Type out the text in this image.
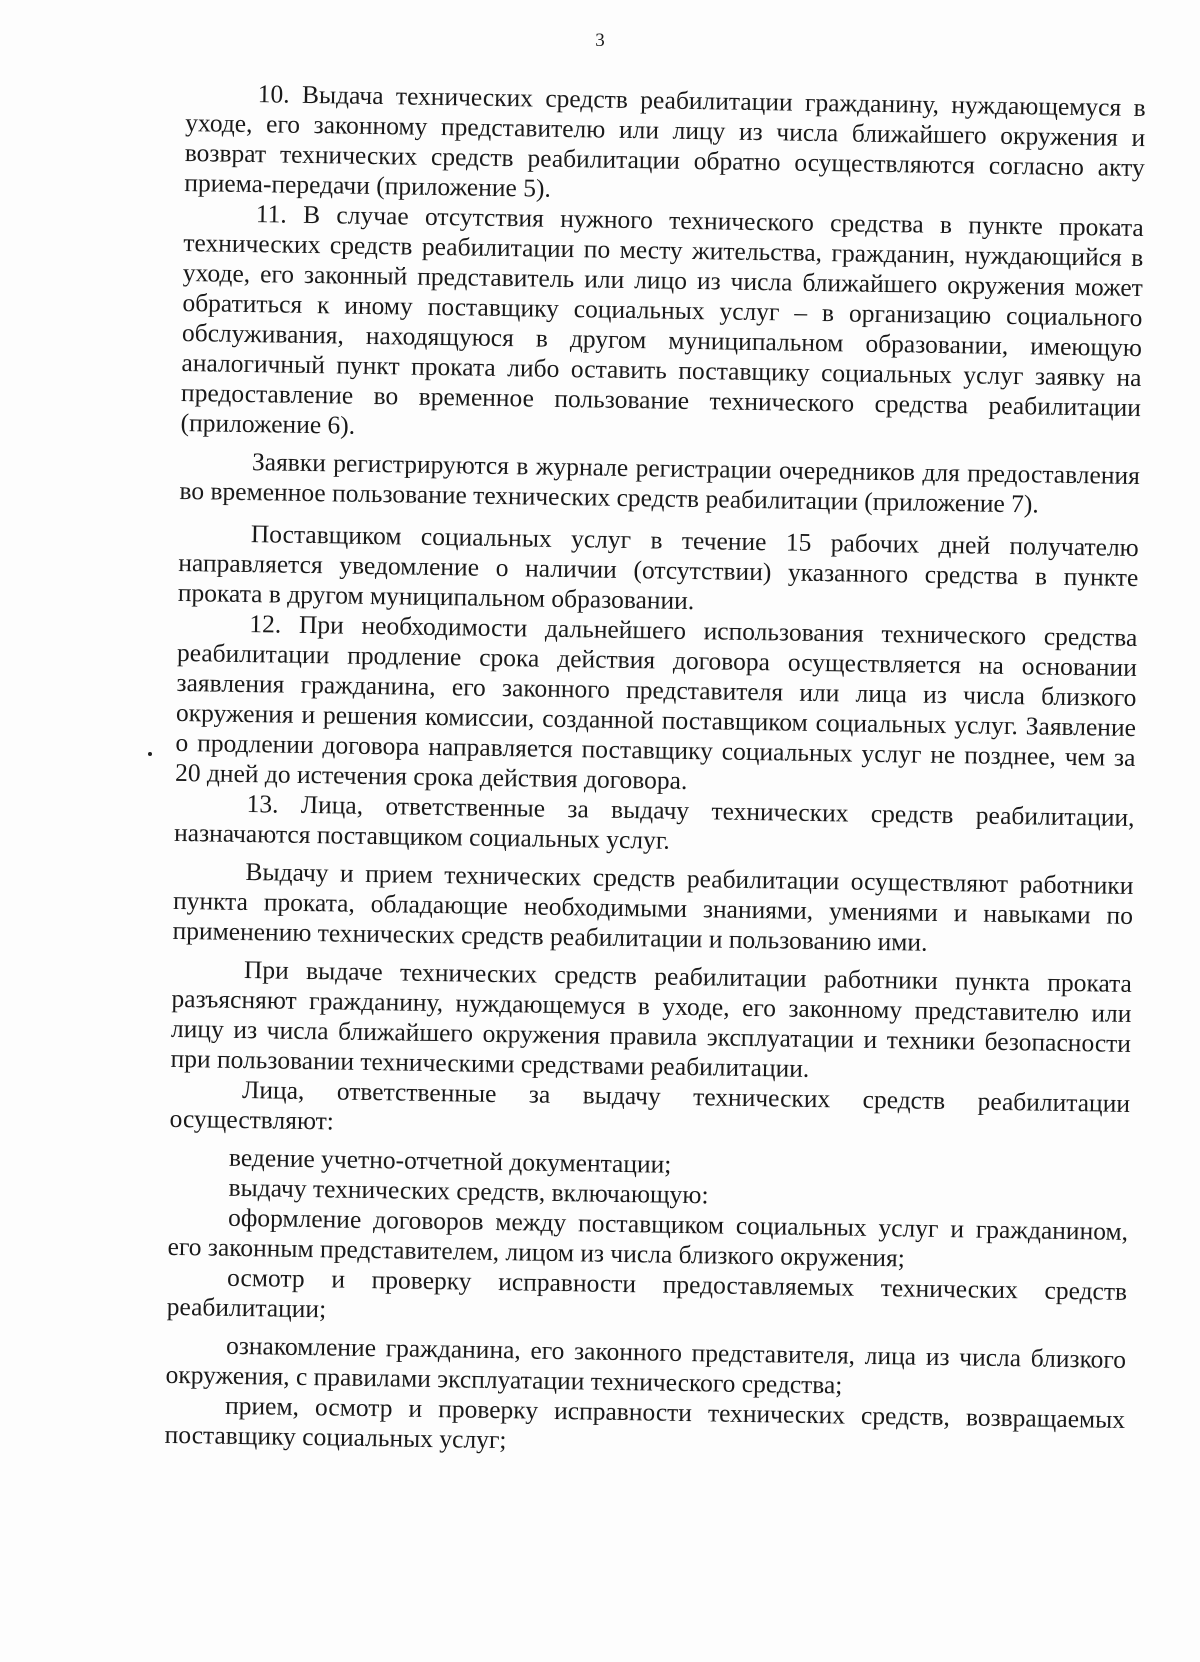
3

10. Выдача технических средств реабилитации гражданину, нуждающемуся в уходе, его законному представителю или лицу из числа ближайшего окружения и возврат технических средств реабилитации обратно осуществляются согласно акту приема-передачи (приложение 5).

11. В случае отсутствия нужного технического средства в пункте проката технических средств реабилитации по месту жительства, гражданин, нуждающийся в уходе, его законный представитель или лицо из числа ближайшего окружения может обратиться к иному поставщику социальных услуг – в организацию социального обслуживания, находящуюся в другом муниципальном образовании, имеющую аналогичный пункт проката либо оставить поставщику социальных услуг заявку на предоставление во временное пользование технического средства реабилитации (приложение 6).

Заявки регистрируются в журнале регистрации очередников для предоставления во временное пользование технических средств реабилитации (приложение 7).

Поставщиком социальных услуг в течение 15 рабочих дней получателю направляется уведомление о наличии (отсутствии) указанного средства в пункте проката в другом муниципальном образовании.

12. При необходимости дальнейшего использования технического средства реабилитации продление срока действия договора осуществляется на основании заявления гражданина, его законного представителя или лица из числа близкого окружения и решения комиссии, созданной поставщиком социальных услуг. Заявление о продлении договора направляется поставщику социальных услуг не позднее, чем за 20 дней до истечения срока действия договора.

13. Лица, ответственные за выдачу технических средств реабилитации, назначаются поставщиком социальных услуг.

Выдачу и прием технических средств реабилитации осуществляют работники пункта проката, обладающие необходимыми знаниями, умениями и навыками по применению технических средств реабилитации и пользованию ими.

При выдаче технических средств реабилитации работники пункта проката разъясняют гражданину, нуждающемуся в уходе, его законному представителю или лицу из числа ближайшего окружения правила эксплуатации и техники безопасности при пользовании техническими средствами реабилитации.

Лица, ответственные за выдачу технических средств реабилитации осуществляют:

ведение учетно-отчетной документации;

выдачу технических средств, включающую:

оформление договоров между поставщиком социальных услуг и гражданином, его законным представителем, лицом из числа близкого окружения;

осмотр и проверку исправности предоставляемых технических средств реабилитации;

ознакомление гражданина, его законного представителя, лица из числа близкого окружения, с правилами эксплуатации технического средства;

прием, осмотр и проверку исправности технических средств, возвращаемых поставщику социальных услуг;
